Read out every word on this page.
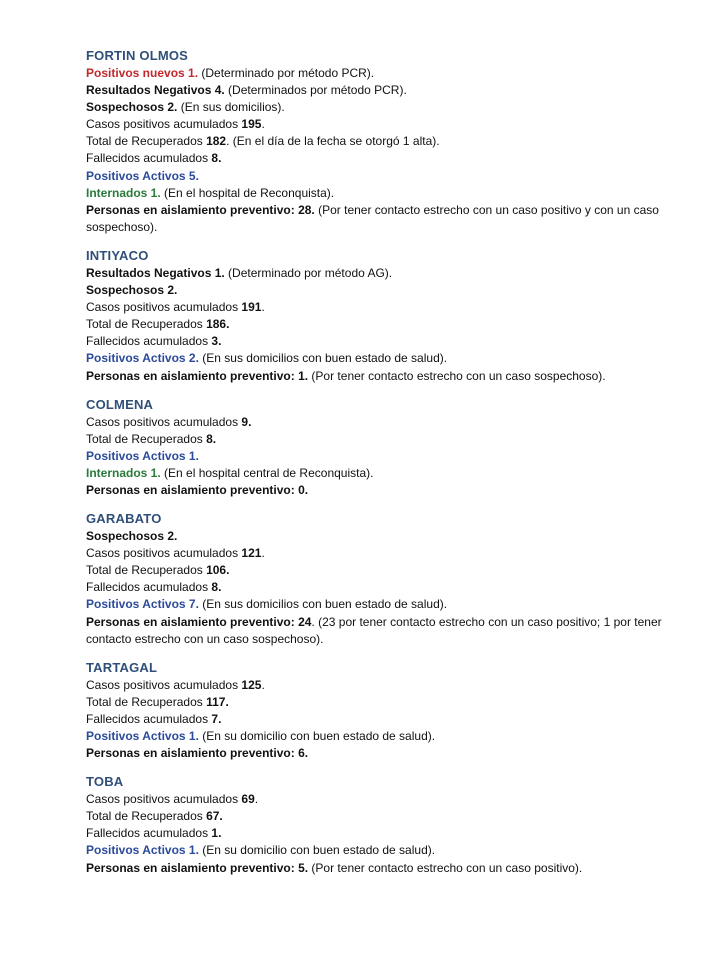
FORTIN OLMOS
Positivos nuevos 1. (Determinado por método PCR).
Resultados Negativos 4. (Determinados por método PCR).
Sospechosos 2. (En sus domicilios).
Casos positivos acumulados 195.
Total de Recuperados 182. (En el día de la fecha se otorgó 1 alta).
Fallecidos acumulados 8.
Positivos Activos 5.
Internados 1. (En el hospital de Reconquista).
Personas en aislamiento preventivo: 28. (Por tener contacto estrecho con un caso positivo y con un caso sospechoso).
INTIYACO
Resultados Negativos 1. (Determinado por método AG).
Sospechosos 2.
Casos positivos acumulados 191.
Total de Recuperados 186.
Fallecidos acumulados 3.
Positivos Activos 2. (En sus domicilios con buen estado de salud).
Personas en aislamiento preventivo: 1. (Por tener contacto estrecho con un caso sospechoso).
COLMENA
Casos positivos acumulados 9.
Total de Recuperados 8.
Positivos Activos 1.
Internados 1. (En el hospital central de Reconquista).
Personas en aislamiento preventivo: 0.
GARABATO
Sospechosos 2.
Casos positivos acumulados 121.
Total de Recuperados 106.
Fallecidos acumulados 8.
Positivos Activos 7. (En sus domicilios con buen estado de salud).
Personas en aislamiento preventivo: 24. (23 por tener contacto estrecho con un caso positivo; 1 por tener contacto estrecho con un caso sospechoso).
TARTAGAL
Casos positivos acumulados 125.
Total de Recuperados 117.
Fallecidos acumulados 7.
Positivos Activos 1. (En su domicilio con buen estado de salud).
Personas en aislamiento preventivo: 6.
TOBA
Casos positivos acumulados 69.
Total de Recuperados 67.
Fallecidos acumulados 1.
Positivos Activos 1. (En su domicilio con buen estado de salud).
Personas en aislamiento preventivo: 5. (Por tener contacto estrecho con un caso positivo).
